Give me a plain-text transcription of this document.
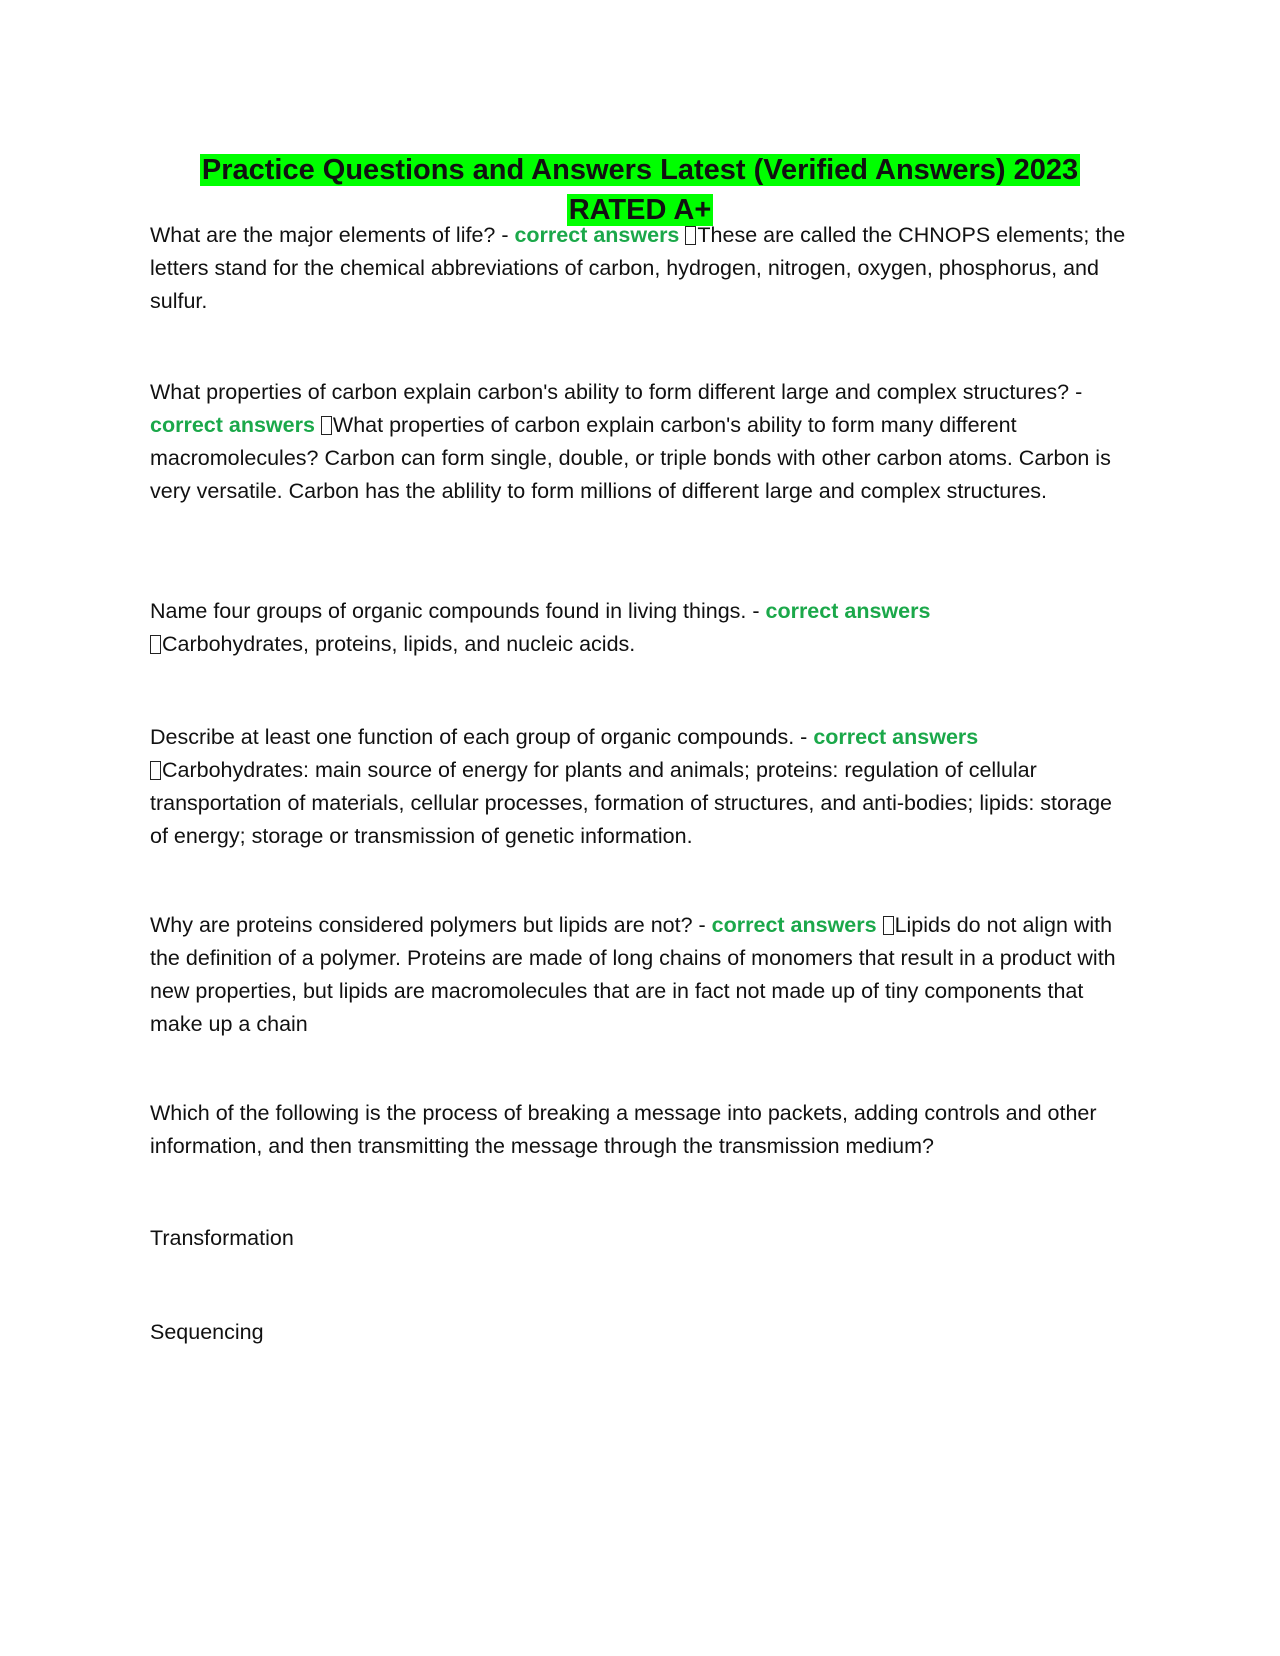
Practice Questions and Answers Latest (Verified Answers) 2023 RATED A+

What are the major elements of life? - correct answers These are called the CHNOPS elements; the letters stand for the chemical abbreviations of carbon, hydrogen, nitrogen, oxygen, phosphorus, and sulfur.

What properties of carbon explain carbon's ability to form different large and complex structures? - correct answers What properties of carbon explain carbon's ability to form many different macromolecules? Carbon can form single, double, or triple bonds with other carbon atoms. Carbon is very versatile. Carbon has the ablility to form millions of different large and complex structures.

Name four groups of organic compounds found in living things. - correct answers
Carbohydrates, proteins, lipids, and nucleic acids.

Describe at least one function of each group of organic compounds. - correct answers
Carbohydrates: main source of energy for plants and animals; proteins: regulation of cellular transportation of materials, cellular processes, formation of structures, and anti-bodies; lipids: storage of energy; storage or transmission of genetic information.

Why are proteins considered polymers but lipids are not? - correct answers Lipids do not align with the definition of a polymer. Proteins are made of long chains of monomers that result in a product with new properties, but lipids are macromolecules that are in fact not made up of tiny components that make up a chain

Which of the following is the process of breaking a message into packets, adding controls and other information, and then transmitting the message through the transmission medium?

Transformation

Sequencing
